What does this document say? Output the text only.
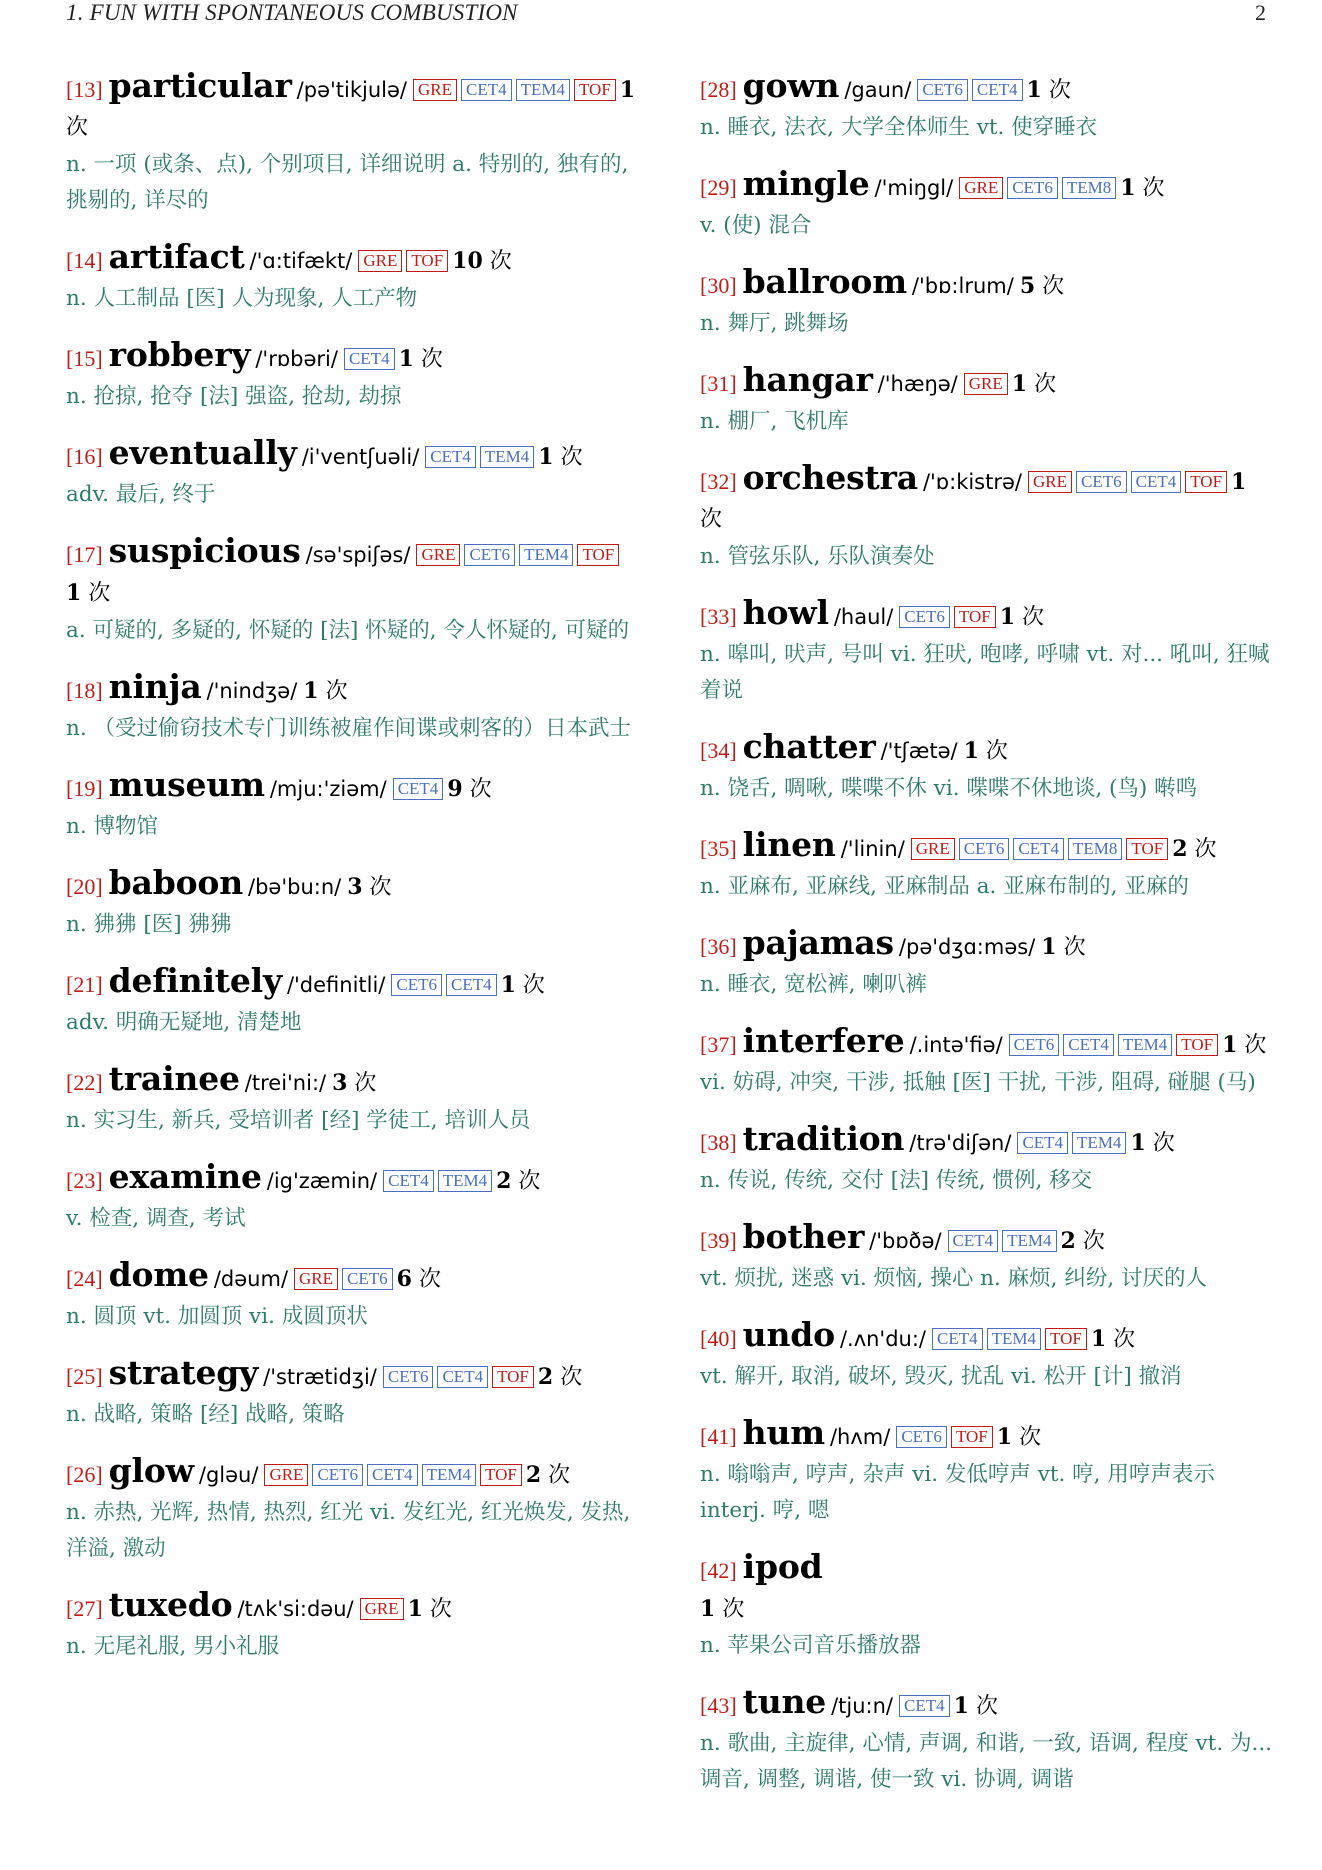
1. FUN WITH SPONTANEOUS COMBUSTION	2
[13] particular /pə'tikjulə/ GRE CET4 TEM4 TOF 1 次
n. 一项 (或条、点), 个别项目, 详细说明 a. 特别的, 独有的, 挑剔的, 详尽的
[14] artifact /'ɑ:tifækt/ GRE TOF 10 次
n. 人工制品 [医] 人为现象, 人工产物
[15] robbery /'rɒbəri/ CET4 1 次
n. 抢掠, 抢夺 [法] 强盗, 抢劫, 劫掠
[16] eventually /i'ventʃuəli/ CET4 TEM4 1 次
adv. 最后, 终于
[17] suspicious /sə'spiʃəs/ GRE CET6 TEM4 TOF1 次
a. 可疑的, 多疑的, 怀疑的 [法] 怀疑的, 令人怀疑的, 可疑的
[18] ninja /'nindʒə/ 1 次
n. （受过偷窃技术专门训练被雇作间谍或刺客的）日本武士
[19] museum /mju:'ziəm/ CET4 9 次
n. 博物馆
[20] baboon /bə'bu:n/ 3 次
n. 狒狒 [医] 狒狒
[21] definitely /'definitli/ CET6 CET4 1 次
adv. 明确无疑地, 清楚地
[22] trainee /trei'ni:/ 3 次
n. 实习生, 新兵, 受培训者 [经] 学徒工, 培训人员
[23] examine /ig'zæmin/ CET4 TEM4 2 次
v. 检查, 调查, 考试
[24] dome /dəum/ GRE CET6 6 次
n. 圆顶 vt. 加圆顶 vi. 成圆顶状
[25] strategy /'strætidʒi/ CET6 CET4 TOF 2 次
n. 战略, 策略 [经] 战略, 策略
[26] glow /gləu/ GRE CET6 CET4 TEM4 TOF 2 次
n. 赤热, 光辉, 热情, 热烈, 红光 vi. 发红光, 红光焕发, 发热, 洋溢, 激动
[27] tuxedo /tʌk'si:dəu/ GRE 1 次
n. 无尾礼服, 男小礼服
[28] gown /gaun/ CET6 CET4 1 次
n. 睡衣, 法衣, 大学全体师生 vt. 使穿睡衣
[29] mingle /'miŋgl/ GRE CET6 TEM8 1 次
v. (使) 混合
[30] ballroom /'bɒ:lrum/ 5 次
n. 舞厅, 跳舞场
[31] hangar /'hæŋə/ GRE 1 次
n. 棚厂, 飞机库
[32] orchestra /'ɒ:kistrə/ GRE CET6 CET4 TOF 1 次
n. 管弦乐队, 乐队演奏处
[33] howl /haul/ CET6 TOF 1 次
n. 嗥叫, 吠声, 号叫 vi. 狂吠, 咆哮, 呼啸 vt. 对... 吼叫, 狂喊着说
[34] chatter /'tʃætə/ 1 次
n. 饶舌, 啁啾, 喋喋不休 vi. 喋喋不休地谈, (鸟) 啭鸣
[35] linen /'linin/ GRE CET6 CET4 TEM8 TOF 2 次
n. 亚麻布, 亚麻线, 亚麻制品 a. 亚麻布制的, 亚麻的
[36] pajamas /pə'dʒɑ:məs/ 1 次
n. 睡衣, 宽松裤, 喇叭裤
[37] interfere /.intə'fiə/ CET6 CET4 TEM4 TOF 1 次
vi. 妨碍, 冲突, 干涉, 抵触 [医] 干扰, 干涉, 阻碍, 碰腿 (马)
[38] tradition /trə'diʃən/ CET4 TEM4 1 次
n. 传说, 传统, 交付 [法] 传统, 惯例, 移交
[39] bother /'bɒðə/ CET4 TEM4 2 次
vt. 烦扰, 迷惑 vi. 烦恼, 操心 n. 麻烦, 纠纷, 讨厌的人
[40] undo /.ʌn'du:/ CET4 TEM4 TOF 1 次
vt. 解开, 取消, 破坏, 毁灭, 扰乱 vi. 松开 [计] 撤消
[41] hum /hʌm/ CET6 TOF 1 次
n. 嗡嗡声, 哼声, 杂声 vi. 发低哼声 vt. 哼, 用哼声表示 interj. 哼, 嗯
[42] ipod
1 次
n. 苹果公司音乐播放器
[43] tune /tju:n/ CET4 1 次
n. 歌曲, 主旋律, 心情, 声调, 和谐, 一致, 语调, 程度 vt. 为... 调音, 调整, 调谐, 使一致 vi. 协调, 调谐
